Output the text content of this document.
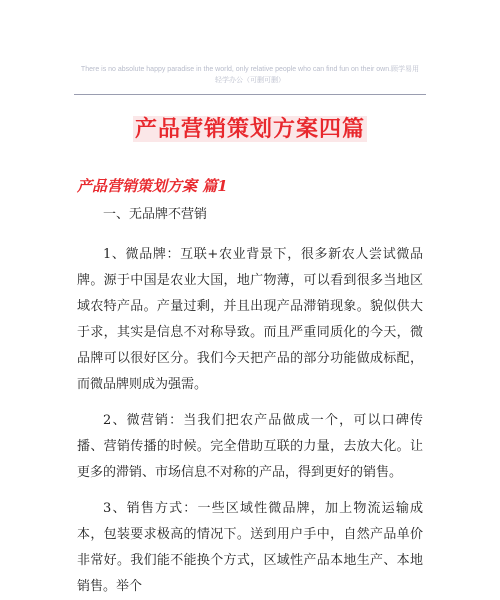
There is no absolute happy paradise in the world, only relative people who can find fun on their own.顾学易用
轻学办公（可删可删）
产品营销策划方案四篇
产品营销策划方案 篇1
一、无品牌不营销
1、微品牌：互联+农业背景下，很多新农人尝试微品牌。源于中国是农业大国，地广物薄，可以看到很多当地区域农特产品。产量过剩，并且出现产品滞销现象。貌似供大于求，其实是信息不对称导致。而且严重同质化的今天，微品牌可以很好区分。我们今天把产品的部分功能做成标配，而微品牌则成为强需。
2、微营销：当我们把农产品做成一个，可以口碑传播、营销传播的时候。完全借助互联的力量，去放大化。让更多的滞销、市场信息不对称的产品，得到更好的销售。
3、销售方式：一些区域性微品牌，加上物流运输成本，包装要求极高的情况下。送到用户手中，自然产品单价非常好。我们能不能换个方式，区域性产品本地生产、本地销售。举个
